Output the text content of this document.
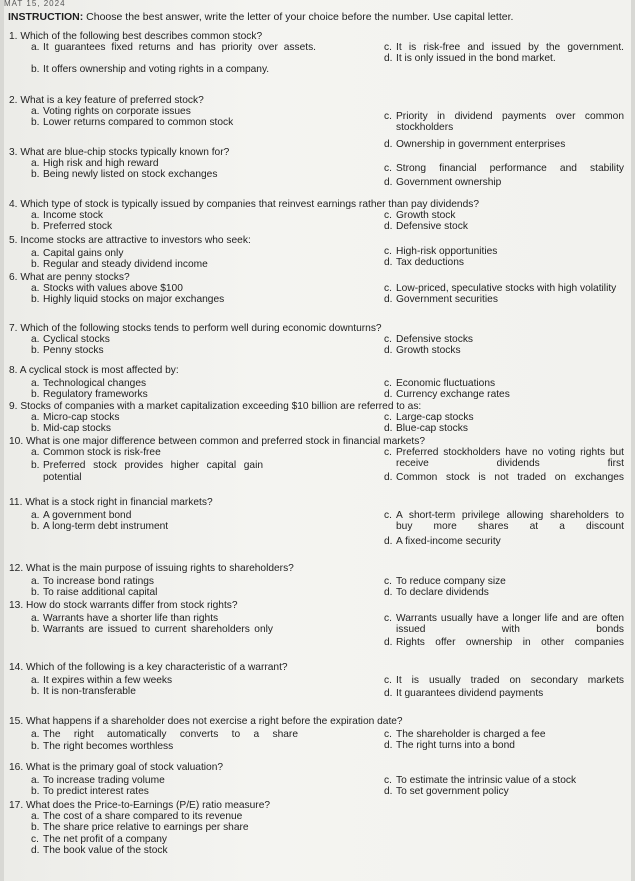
MAT 15, 2024
INSTRUCTION: Choose the best answer, write the letter of your choice before the number. Use capital letter.
1. Which of the following best describes common stock?
a. It guarantees fixed returns and has priority over assets.
b. It offers ownership and voting rights in a company.
c. It is risk-free and issued by the government.
d. It is only issued in the bond market.
2. What is a key feature of preferred stock?
a. Voting rights on corporate issues
b. Lower returns compared to common stock
c. Priority in dividend payments over common stockholders
d. Ownership in government enterprises
3. What are blue-chip stocks typically known for?
a. High risk and high reward
b. Being newly listed on stock exchanges
c. Strong financial performance and stability
d. Government ownership
4. Which type of stock is typically issued by companies that reinvest earnings rather than pay dividends?
a. Income stock
b. Preferred stock
c. Growth stock
d. Defensive stock
5. Income stocks are attractive to investors who seek:
a. Capital gains only
b. Regular and steady dividend income
c. High-risk opportunities
d. Tax deductions
6. What are penny stocks?
a. Stocks with values above $100
b. Highly liquid stocks on major exchanges
c. Low-priced, speculative stocks with high volatility
d. Government securities
7. Which of the following stocks tends to perform well during economic downturns?
a. Cyclical stocks
b. Penny stocks
c. Defensive stocks
d. Growth stocks
8. A cyclical stock is most affected by:
a. Technological changes
b. Regulatory frameworks
c. Economic fluctuations
d. Currency exchange rates
9. Stocks of companies with a market capitalization exceeding $10 billion are referred to as:
a. Micro-cap stocks
b. Mid-cap stocks
c. Large-cap stocks
d. Blue-cap stocks
10. What is one major difference between common and preferred stock in financial markets?
a. Common stock is risk-free
b. Preferred stock provides higher capital gain potential
c. Preferred stockholders have no voting rights but receive dividends first
d. Common stock is not traded on exchanges
11. What is a stock right in financial markets?
a. A government bond
b. A long-term debt instrument
c. A short-term privilege allowing shareholders to buy more shares at a discount
d. A fixed-income security
12. What is the main purpose of issuing rights to shareholders?
a. To increase bond ratings
b. To raise additional capital
c. To reduce company size
d. To declare dividends
13. How do stock warrants differ from stock rights?
a. Warrants have a shorter life than rights
b. Warrants are issued to current shareholders only
c. Warrants usually have a longer life and are often issued with bonds
d. Rights offer ownership in other companies
14. Which of the following is a key characteristic of a warrant?
a. It expires within a few weeks
b. It is non-transferable
c. It is usually traded on secondary markets
d. It guarantees dividend payments
15. What happens if a shareholder does not exercise a right before the expiration date?
a. The right automatically converts to a share
b. The right becomes worthless
c. The shareholder is charged a fee
d. The right turns into a bond
16. What is the primary goal of stock valuation?
a. To increase trading volume
b. To predict interest rates
c. To estimate the intrinsic value of a stock
d. To set government policy
17. What does the Price-to-Earnings (P/E) ratio measure?
a. The cost of a share compared to its revenue
b. The share price relative to earnings per share
c. The net profit of a company
d. The book value of the stock
